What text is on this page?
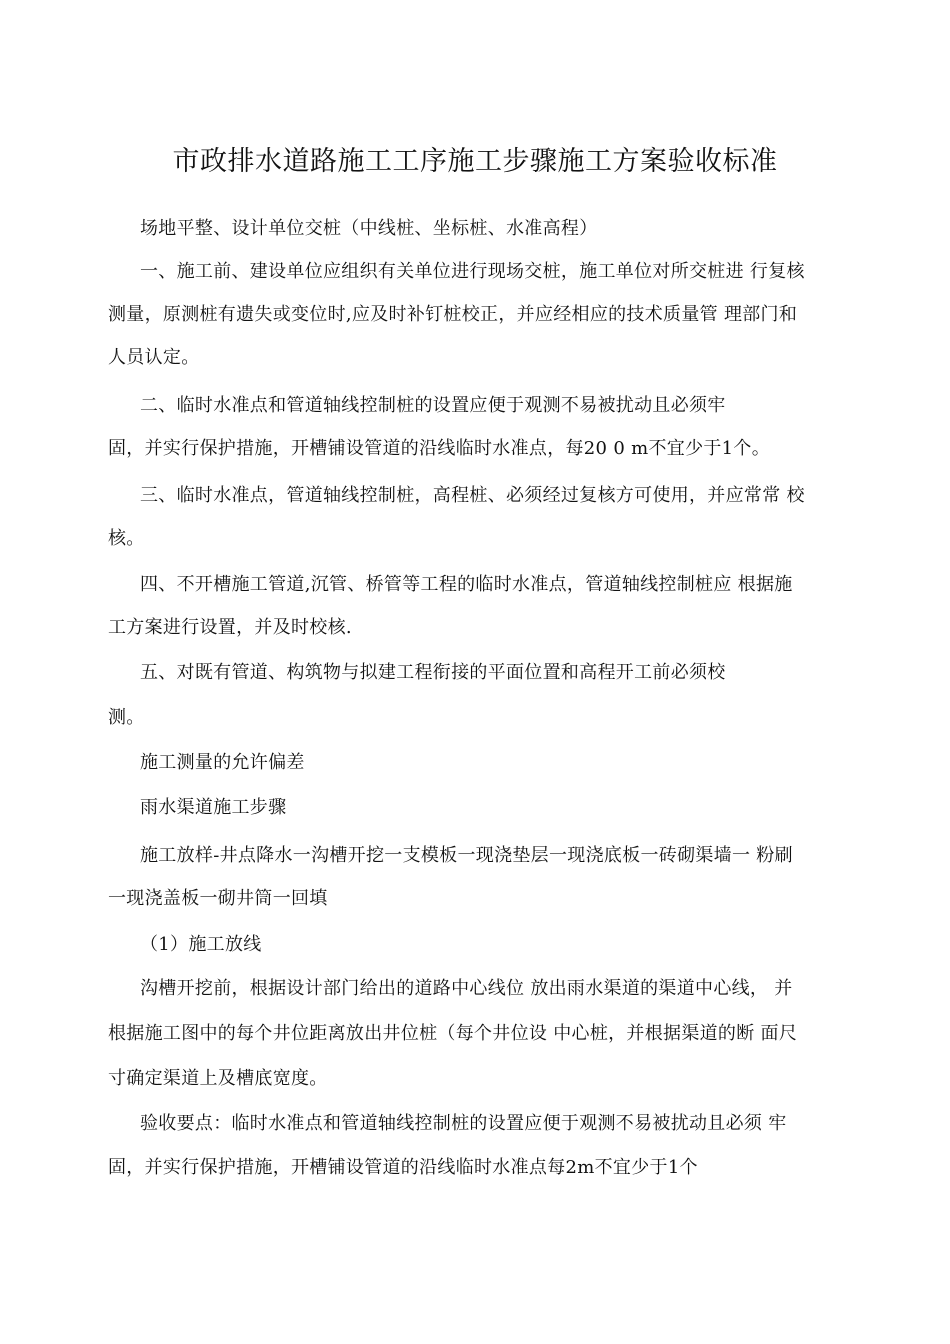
市政排水道路施工工序施工步骤施工方案验收标准
场地平整、设计单位交桩（中线桩、坐标桩、水准高程）
一、施工前、建设单位应组织有关单位进行现场交桩，施工单位对所交桩进 行复核
测量，原测桩有遗失或变位时,应及时补钉桩校正，并应经相应的技术质量管 理部门和
人员认定。
二、临时水准点和管道轴线控制桩的设置应便于观测不易被扰动且必须牢
固，并实行保护措施，开槽铺设管道的沿线临时水准点，每20 0 m不宜少于1个。
三、临时水准点，管道轴线控制桩，高程桩、必须经过复核方可使用，并应常常 校
核。
四、不开槽施工管道,沉管、桥管等工程的临时水准点，管道轴线控制桩应 根据施
工方案进行设置，并及时校核.
五、对既有管道、构筑物与拟建工程衔接的平面位置和高程开工前必须校
测。
施工测量的允许偏差
雨水渠道施工步骤
施工放样-井点降水一沟槽开挖一支模板一现浇垫层一现浇底板一砖砌渠墙一 粉刷
一现浇盖板一砌井筒一回填
（1）施工放线
沟槽开挖前，根据设计部门给出的道路中心线位 放出雨水渠道的渠道中心线， 并
根据施工图中的每个井位距离放出井位桩（每个井位设 中心桩，并根据渠道的断 面尺
寸确定渠道上及槽底宽度。
验收要点：临时水准点和管道轴线控制桩的设置应便于观测不易被扰动且必须 牢
固，并实行保护措施，开槽铺设管道的沿线临时水准点每2m不宜少于1个
